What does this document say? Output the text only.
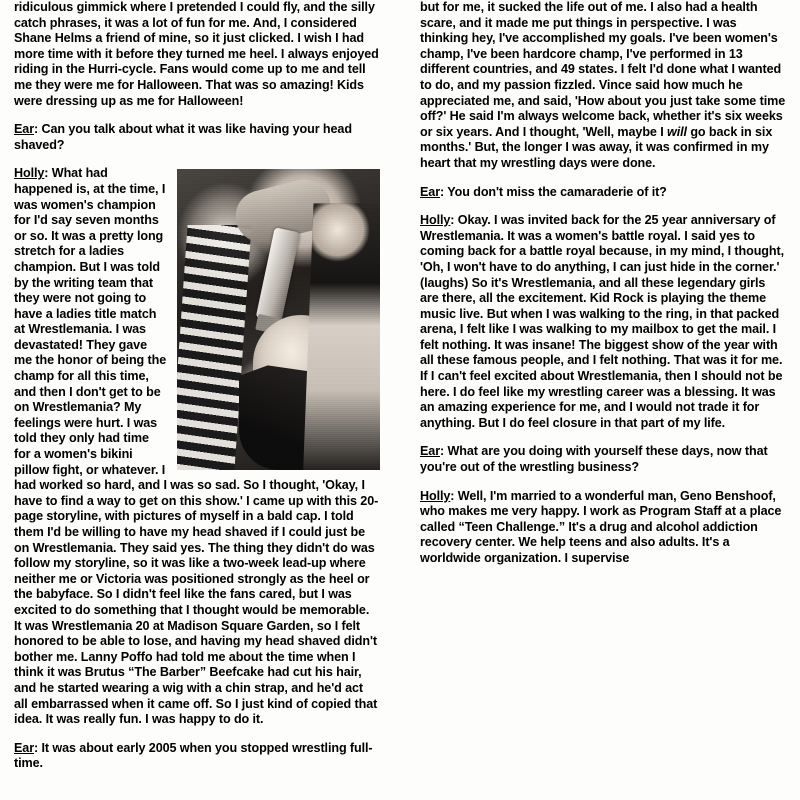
ridiculous gimmick where I pretended I could fly, and the silly catch phrases, it was a lot of fun for me. And, I considered Shane Helms a friend of mine, so it just clicked. I wish I had more time with it before they turned me heel. I always enjoyed riding in the Hurri-cycle. Fans would come up to me and tell me they were me for Halloween. That was so amazing! Kids were dressing up as me for Halloween!

Ear: Can you talk about what it was like having your head shaved?

Holly: What had happened is, at the time, I was women's champion for I'd say seven months or so. It was a pretty long stretch for a ladies champion. But I was told by the writing team that they were not going to have a ladies title match at Wrestlemania. I was devastated! They gave me the honor of being the champ for all this time, and then I don't get to be on Wrestlemania? My feelings were hurt. I was told they only had time for a women's bikini pillow fight, or whatever. I had worked so hard, and I was so sad. So I thought, 'Okay, I have to find a way to get on this show.' I came up with this 20-page storyline, with pictures of myself in a bald cap. I told them I'd be willing to have my head shaved if I could just be on Wrestlemania. They said yes. The thing they didn't do was follow my storyline, so it was like a two-week lead-up where neither me or Victoria was positioned strongly as the heel or the babyface. So I didn't feel like the fans cared, but I was excited to do something that I thought would be memorable. It was Wrestlemania 20 at Madison Square Garden, so I felt honored to be able to lose, and having my head shaved didn't bother me. Lanny Poffo had told me about the time when I think it was Brutus “The Barber” Beefcake had cut his hair, and he started wearing a wig with a chin strap, and he'd act all embarrassed when it came off. So I just kind of copied that idea. It was really fun. I was happy to do it.

Ear: It was about early 2005 when you stopped wrestling full-time.

but for me, it sucked the life out of me. I also had a health scare, and it made me put things in perspective. I was thinking hey, I've accomplished my goals. I've been women's champ, I've been hardcore champ, I've performed in 13 different countries, and 49 states. I felt I'd done what I wanted to do, and my passion fizzled. Vince said how much he appreciated me, and said, 'How about you just take some time off?' He said I'm always welcome back, whether it's six weeks or six years. And I thought, 'Well, maybe I will go back in six months.' But, the longer I was away, it was confirmed in my heart that my wrestling days were done.

Ear: You don't miss the camaraderie of it?

Holly: Okay. I was invited back for the 25 year anniversary of Wrestlemania. It was a women's battle royal. I said yes to coming back for a battle royal because, in my mind, I thought, 'Oh, I won't have to do anything, I can just hide in the corner.' (laughs) So it's Wrestlemania, and all these legendary girls are there, all the excitement. Kid Rock is playing the theme music live. But when I was walking to the ring, in that packed arena, I felt like I was walking to my mailbox to get the mail. I felt nothing. It was insane! The biggest show of the year with all these famous people, and I felt nothing. That was it for me. If I can't feel excited about Wrestlemania, then I should not be here. I do feel like my wrestling career was a blessing. It was an amazing experience for me, and I would not trade it for anything. But I do feel closure in that part of my life.

Ear: What are you doing with yourself these days, now that you're out of the wrestling business?

Holly: Well, I'm married to a wonderful man, Geno Benshoof, who makes me very happy. I work as Program Staff at a place called “Teen Challenge.” It's a drug and alcohol addiction recovery center. We help teens and also adults. It's a worldwide organization. I supervise
